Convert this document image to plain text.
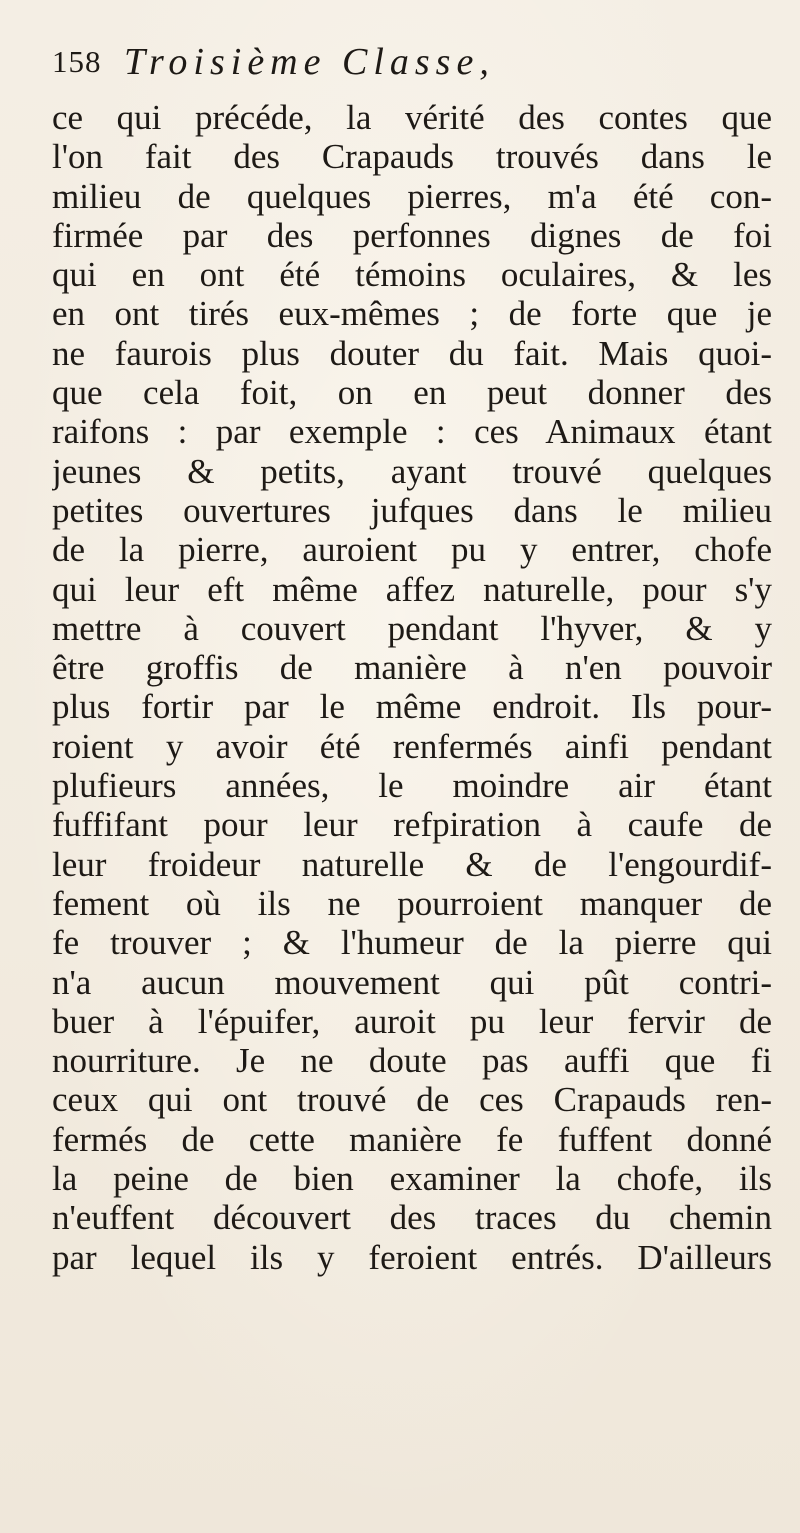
158 Troisième Classe,
ce qui précéde, la vérité des contes que
l'on fait des Crapauds trouvés dans le
milieu de quelques pierres, m'a été con-
firmée par des perfonnes dignes de foi
qui en ont été témoins oculaires, & les
en ont tirés eux-mêmes ; de forte que je
ne faurois plus douter du fait. Mais quoi-
que cela foit, on en peut donner des
raifons : par exemple : ces Animaux étant
jeunes & petits, ayant trouvé quelques
petites ouvertures jufques dans le milieu
de la pierre, auroient pu y entrer, chofe
qui leur eft même affez naturelle, pour s'y
mettre à couvert pendant l'hyver, & y
être groffis de manière à n'en pouvoir
plus fortir par le même endroit. Ils pour-
roient y avoir été renfermés ainfi pendant
plufieurs années, le moindre air étant
fuffifant pour leur refpiration à caufe de
leur froideur naturelle & de l'engourdif-
fement où ils ne pourroient manquer de
fe trouver ; & l'humeur de la pierre qui
n'a aucun mouvement qui pût contri-
buer à l'épuifer, auroit pu leur fervir de
nourriture. Je ne doute pas auffi que fi
ceux qui ont trouvé de ces Crapauds ren-
fermés de cette manière fe fuffent donné
la peine de bien examiner la chofe, ils
n'euffent découvert des traces du chemin
par lequel ils y feroient entrés. D'ailleurs
